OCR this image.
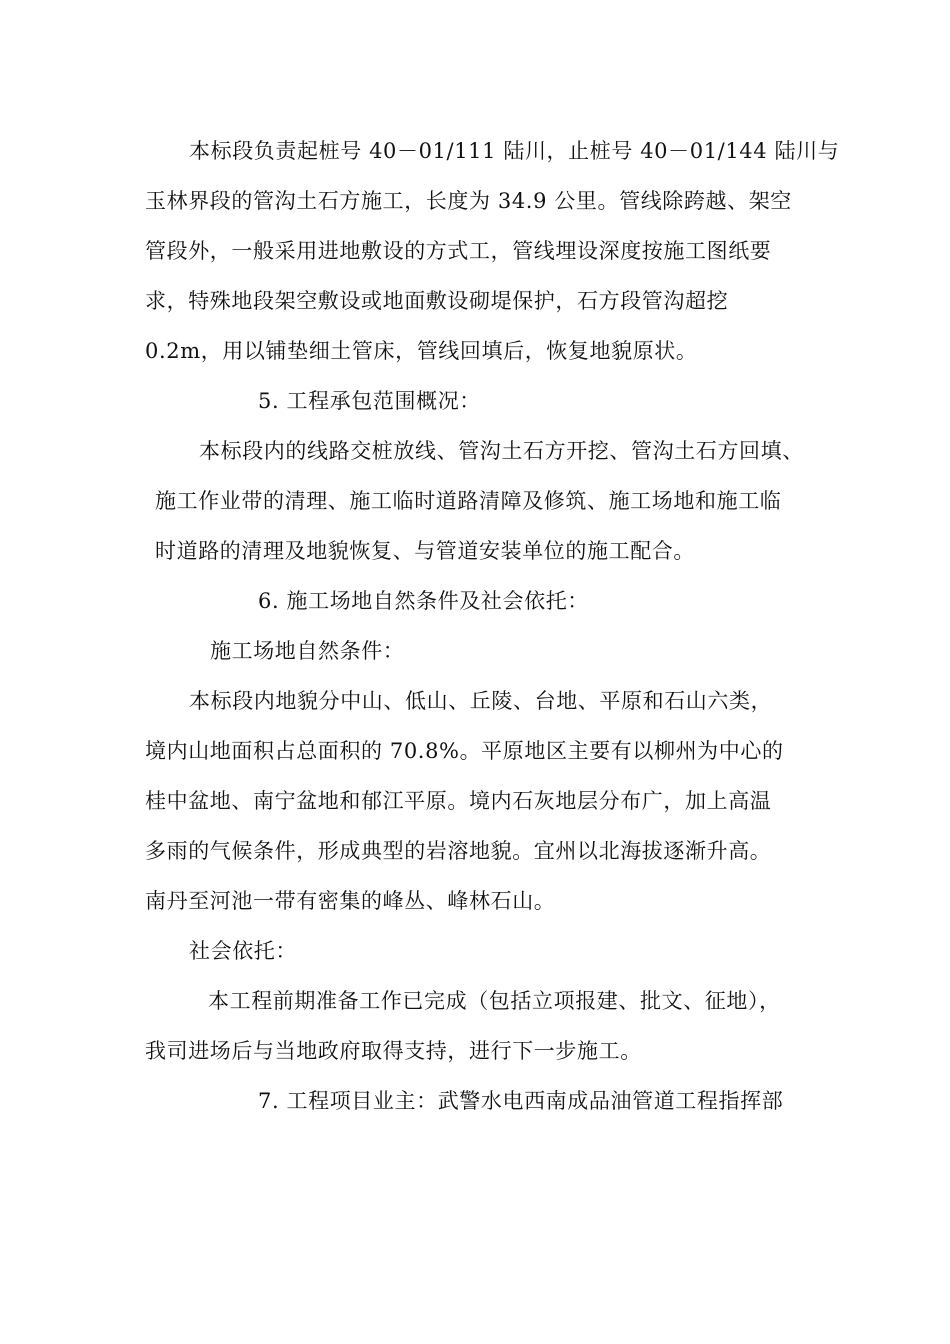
本标段负责起桩号 40－01/111 陆川，止桩号 40－01/144 陆川与
玉林界段的管沟土石方施工，长度为 34.9 公里。管线除跨越、架空
管段外，一般采用进地敷设的方式工，管线埋设深度按施工图纸要
求，特殊地段架空敷设或地面敷设砌堤保护，石方段管沟超挖
0.2m，用以铺垫细土管床，管线回填后，恢复地貌原状。
5. 工程承包范围概况：
本标段内的线路交桩放线、管沟土石方开挖、管沟土石方回填、
施工作业带的清理、施工临时道路清障及修筑、施工场地和施工临
时道路的清理及地貌恢复、与管道安装单位的施工配合。
6. 施工场地自然条件及社会依托：
施工场地自然条件：
本标段内地貌分中山、低山、丘陵、台地、平原和石山六类，
境内山地面积占总面积的 70.8%。平原地区主要有以柳州为中心的
桂中盆地、南宁盆地和郁江平原。境内石灰地层分布广，加上高温
多雨的气候条件，形成典型的岩溶地貌。宜州以北海拔逐渐升高。
南丹至河池一带有密集的峰丛、峰林石山。
社会依托：
本工程前期准备工作已完成（包括立项报建、批文、征地），
我司进场后与当地政府取得支持，进行下一步施工。
7. 工程项目业主：武警水电西南成品油管道工程指挥部
